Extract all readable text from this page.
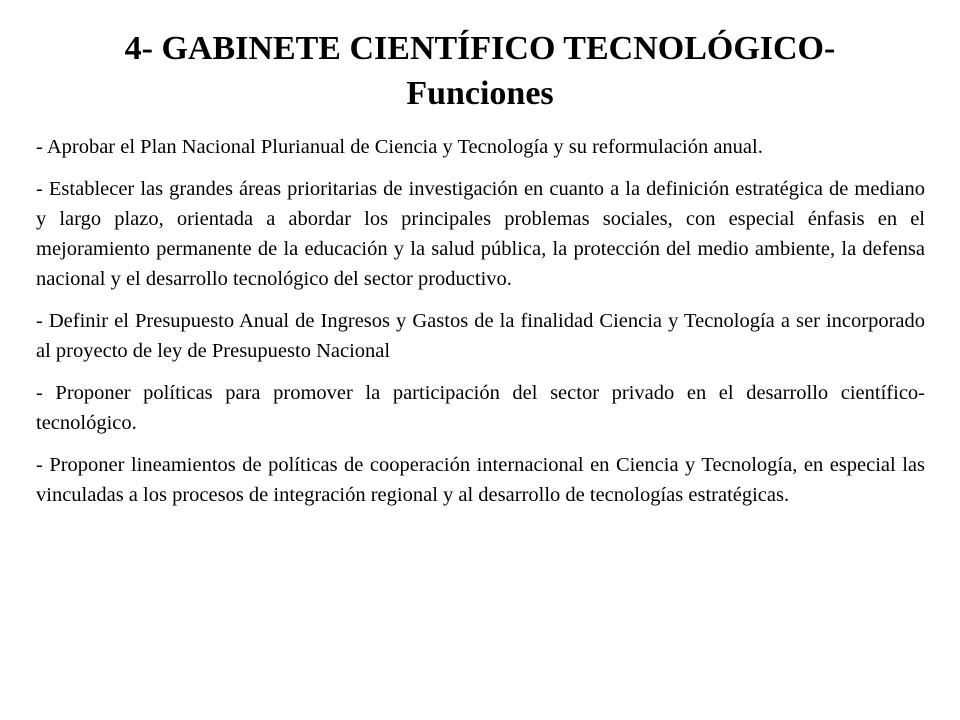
4- GABINETE CIENTÍFICO TECNOLÓGICO-
Funciones

- Aprobar el Plan Nacional Plurianual de Ciencia y Tecnología y su reformulación anual.

- Establecer las grandes áreas prioritarias de investigación en cuanto a la definición estratégica de mediano y largo plazo, orientada a abordar los principales problemas sociales, con especial énfasis en el mejoramiento permanente de la educación y la salud pública, la protección del medio ambiente, la defensa nacional y el desarrollo tecnológico del sector productivo.

- Definir el Presupuesto Anual de Ingresos y Gastos de la finalidad Ciencia y Tecnología a ser incorporado al proyecto de ley de Presupuesto Nacional

- Proponer políticas para promover la participación del sector privado en el desarrollo científico-tecnológico.

- Proponer lineamientos de políticas de cooperación internacional en Ciencia y Tecnología, en especial las vinculadas a los procesos de integración regional y al desarrollo de tecnologías estratégicas.
